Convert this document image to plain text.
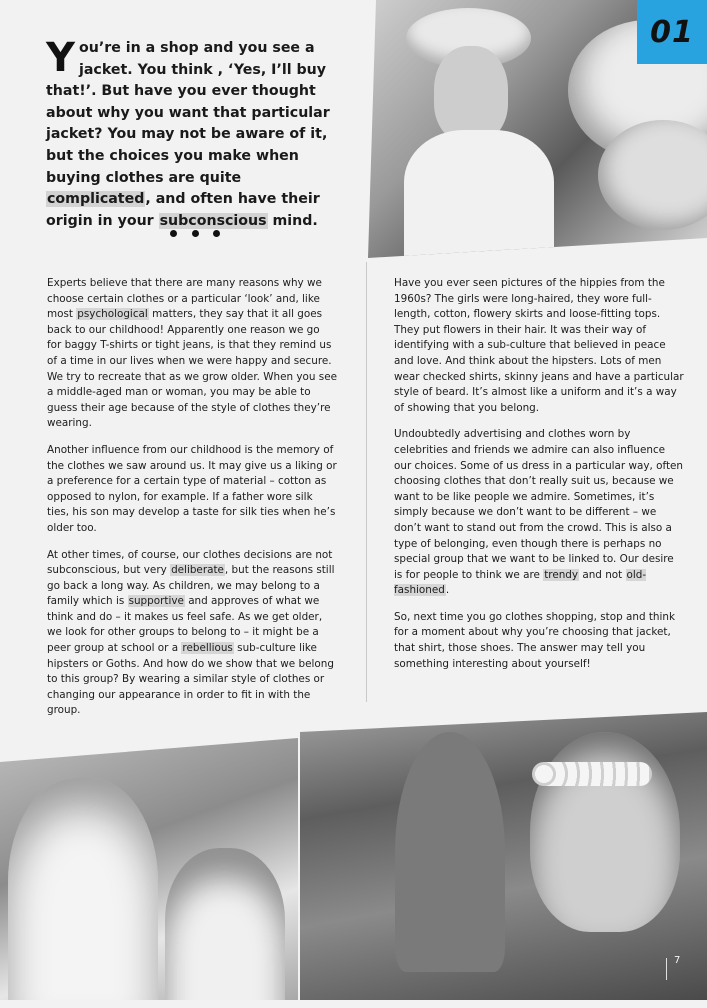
01

You’re in a shop and you see a jacket. You think , ‘Yes, I’ll buy that!’. But have you ever thought about why you want that particular jacket? You may not be aware of it, but the choices you make when buying clothes are quite complicated, and often have their origin in your subconscious mind.

Experts believe that there are many reasons why we choose certain clothes or a particular ‘look’ and, like most psychological matters, they say that it all goes back to our childhood! Apparently one reason we go for baggy T-shirts or tight jeans, is that they remind us of a time in our lives when we were happy and secure. We try to recreate that as we grow older. When you see a middle-aged man or woman, you may be able to guess their age because of the style of clothes they’re wearing.

Another influence from our childhood is the memory of the clothes we saw around us. It may give us a liking or a preference for a certain type of material – cotton as opposed to nylon, for example. If a father wore silk ties, his son may develop a taste for silk ties when he’s older too.

At other times, of course, our clothes decisions are not subconscious, but very deliberate, but the reasons still go back a long way. As children, we may belong to a family which is supportive and approves of what we think and do – it makes us feel safe. As we get older, we look for other groups to belong to – it might be a peer group at school or a rebellious sub-culture like hipsters or Goths. And how do we show that we belong to this group? By wearing a similar style of clothes or changing our appearance in order to fit in with the group.

Have you ever seen pictures of the hippies from the 1960s? The girls were long-haired, they wore full-length, cotton, flowery skirts and loose-fitting tops. They put flowers in their hair. It was their way of identifying with a sub-culture that believed in peace and love. And think about the hipsters. Lots of men wear checked shirts, skinny jeans and have a particular style of beard. It’s almost like a uniform and it’s a way of showing that you belong.

Undoubtedly advertising and clothes worn by celebrities and friends we admire can also influence our choices. Some of us dress in a particular way, often choosing clothes that don’t really suit us, because we want to be like people we admire. Sometimes, it’s simply because we don’t want to be different – we don’t want to stand out from the crowd. This is also a type of belonging, even though there is perhaps no special group that we want to be linked to. Our desire is for people to think we are trendy and not old-fashioned.

So, next time you go clothes shopping, stop and think for a moment about why you’re choosing that jacket, that shirt, those shoes. The answer may tell you something interesting about yourself!

7
